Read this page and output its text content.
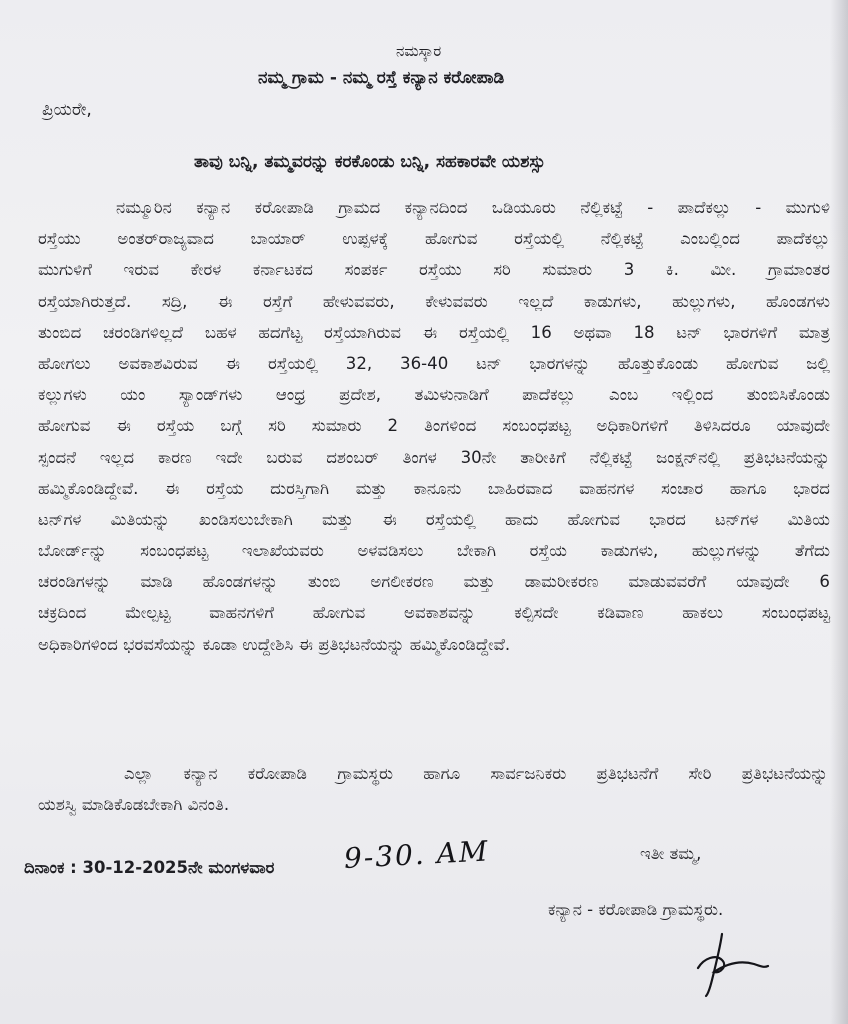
ನಮಸ್ಕಾರ
ನಮ್ಮ ಗ್ರಾಮ - ನಮ್ಮ ರಸ್ತೆ ಕನ್ಯಾನ ಕರೋಪಾಡಿ
ಪ್ರಿಯರೇ,
ತಾವು ಬನ್ನಿ, ತಮ್ಮವರನ್ನು ಕರಕೊಂಡು ಬನ್ನಿ, ಸಹಕಾರವೇ ಯಶಸ್ಸು
ನಮ್ಮೂರಿನ ಕನ್ಯಾನ ಕರೋಪಾಡಿ ಗ್ರಾಮದ ಕನ್ಯಾನದಿಂದ ಒಡಿಯೂರು ನೆಲ್ಲಿಕಟ್ಟೆ - ಪಾದೆಕಲ್ಲು - ಮುಗುಳಿ
ರಸ್ತೆಯು ಅಂತರ್‌ರಾಜ್ಯವಾದ ಬಾಯಾರ್ ಉಪ್ಪಳಕ್ಕೆ ಹೋಗುವ ರಸ್ತೆಯಲ್ಲಿ ನೆಲ್ಲಿಕಟ್ಟೆ ಎಂಬಲ್ಲಿಂದ ಪಾದೆಕಲ್ಲು
ಮುಗುಳಿಗೆ ಇರುವ ಕೇರಳ ಕರ್ನಾಟಕದ ಸಂಪರ್ಕ ರಸ್ತೆಯು ಸರಿ ಸುಮಾರು 3 ಕಿ. ಮೀ. ಗ್ರಾಮಾಂತರ
ರಸ್ತೆಯಾಗಿರುತ್ತದೆ. ಸದ್ರಿ, ಈ ರಸ್ತೆಗೆ ಹೇಳುವವರು, ಕೇಳುವವರು ಇಲ್ಲದೆ ಕಾಡುಗಳು, ಹುಲ್ಲುಗಳು, ಹೊಂಡಗಳು
ತುಂಬಿದ ಚರಂಡಿಗಳಿಲ್ಲದೆ ಬಹಳ ಹದಗೆಟ್ಟ ರಸ್ತೆಯಾಗಿರುವ ಈ ರಸ್ತೆಯಲ್ಲಿ 16 ಅಥವಾ 18 ಟನ್ ಭಾರಗಳಿಗೆ ಮಾತ್ರ
ಹೋಗಲು ಅವಕಾಶವಿರುವ ಈ ರಸ್ತೆಯಲ್ಲಿ 32, 36-40 ಟನ್ ಭಾರಗಳನ್ನು ಹೊತ್ತುಕೊಂಡು ಹೋಗುವ ಜಲ್ಲಿ
ಕಲ್ಲುಗಳು ಯಂ ಸ್ಯಾಂಡ್‌ಗಳು ಆಂಧ್ರ ಪ್ರದೇಶ, ತಮಿಳುನಾಡಿಗೆ ಪಾದೆಕಲ್ಲು ಎಂಬ ಇಲ್ಲಿಂದ ತುಂಬಿಸಿಕೊಂಡು
ಹೋಗುವ ಈ ರಸ್ತೆಯ ಬಗ್ಗೆ ಸರಿ ಸುಮಾರು 2 ತಿಂಗಳಿಂದ ಸಂಬಂಧಪಟ್ಟ ಅಧಿಕಾರಿಗಳಿಗೆ ತಿಳಿಸಿದರೂ ಯಾವುದೇ
ಸ್ಪಂದನೆ ಇಲ್ಲದ ಕಾರಣ ಇದೇ ಬರುವ ದಶಂಬರ್ ತಿಂಗಳ 30ನೇ ತಾರೀಕಿಗೆ ನೆಲ್ಲಿಕಟ್ಟೆ ಜಂಕ್ಷನ್‌ನಲ್ಲಿ ಪ್ರತಿಭಟನೆಯನ್ನು
ಹಮ್ಮಿಕೊಂಡಿದ್ದೇವೆ. ಈ ರಸ್ತೆಯ ದುರಸ್ತಿಗಾಗಿ ಮತ್ತು ಕಾನೂನು ಬಾಹಿರವಾದ ವಾಹನಗಳ ಸಂಚಾರ ಹಾಗೂ ಭಾರದ
ಟನ್‌ಗಳ ಮಿತಿಯನ್ನು ಖಂಡಿಸಲುಬೇಕಾಗಿ ಮತ್ತು ಈ ರಸ್ತೆಯಲ್ಲಿ ಹಾದು ಹೋಗುವ ಭಾರದ ಟನ್‌ಗಳ ಮಿತಿಯ
ಬೋರ್ಡ್‌ನ್ನು ಸಂಬಂಧಪಟ್ಟ ಇಲಾಖೆಯವರು ಅಳವಡಿಸಲು ಬೇಕಾಗಿ ರಸ್ತೆಯ ಕಾಡುಗಳು, ಹುಲ್ಲುಗಳನ್ನು ತೆಗೆದು
ಚರಂಡಿಗಳನ್ನು ಮಾಡಿ ಹೊಂಡಗಳನ್ನು ತುಂಬಿ ಅಗಲೀಕರಣ ಮತ್ತು ಡಾಮರೀಕರಣ ಮಾಡುವವರೆಗೆ ಯಾವುದೇ 6
ಚಕ್ರದಿಂದ ಮೇಲ್ಪಟ್ಟ ವಾಹನಗಳಿಗೆ ಹೋಗುವ ಅವಕಾಶವನ್ನು ಕಲ್ಪಿಸದೇ ಕಡಿವಾಣ ಹಾಕಲು ಸಂಬಂಧಪಟ್ಟ
ಅಧಿಕಾರಿಗಳಿಂದ ಭರವಸೆಯನ್ನು ಕೂಡಾ ಉದ್ದೇಶಿಸಿ ಈ ಪ್ರತಿಭಟನೆಯನ್ನು ಹಮ್ಮಿಕೊಂಡಿದ್ದೇವೆ.
ಎಲ್ಲಾ ಕನ್ಯಾನ ಕರೋಪಾಡಿ ಗ್ರಾಮಸ್ಥರು ಹಾಗೂ ಸಾರ್ವಜನಿಕರು ಪ್ರತಿಭಟನೆಗೆ ಸೇರಿ ಪ್ರತಿಭಟನೆಯನ್ನು
ಯಶಸ್ವಿ ಮಾಡಿಕೊಡಬೇಕಾಗಿ ವಿನಂತಿ.
ದಿನಾಂಕ : 30-12-2025ನೇ ಮಂಗಳವಾರ 9-30. AM	ಇತೀ ತಮ್ಮ,
ಕನ್ಯಾನ - ಕರೋಪಾಡಿ ಗ್ರಾಮಸ್ಥರು.
